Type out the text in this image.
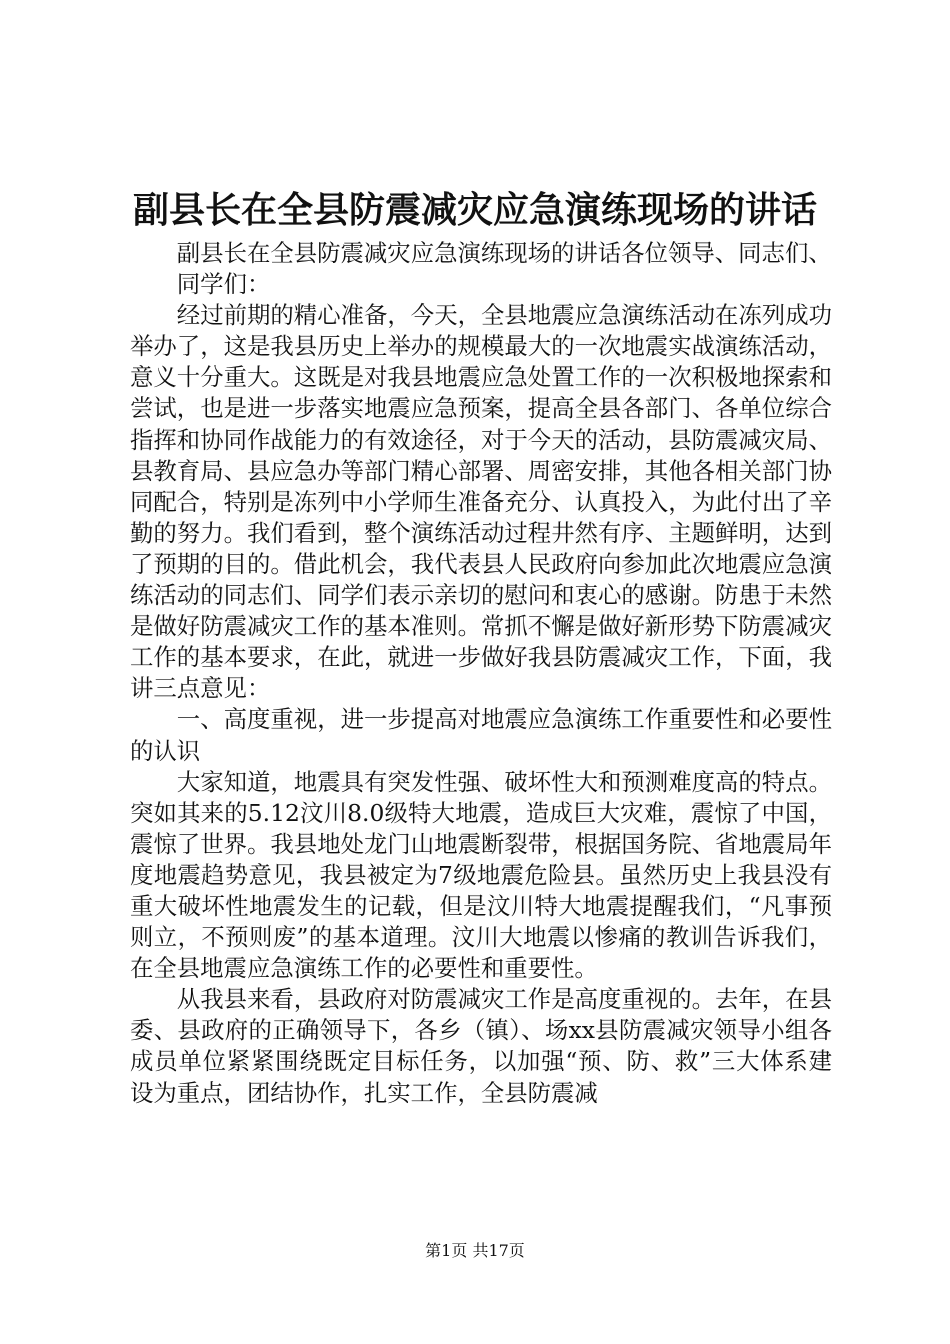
副县长在全县防震减灾应急演练现场的讲话

副县长在全县防震减灾应急演练现场的讲话各位领导、同志们、

同学们：

经过前期的精心准备，今天，全县地震应急演练活动在冻列成功举办了，这是我县历史上举办的规模最大的一次地震实战演练活动，意义十分重大。这既是对我县地震应急处置工作的一次积极地探索和尝试，也是进一步落实地震应急预案，提高全县各部门、各单位综合指挥和协同作战能力的有效途径，对于今天的活动，县防震减灾局、县教育局、县应急办等部门精心部署、周密安排，其他各相关部门协同配合，特别是冻列中小学师生准备充分、认真投入，为此付出了辛勤的努力。我们看到，整个演练活动过程井然有序、主题鲜明，达到了预期的目的。借此机会，我代表县人民政府向参加此次地震应急演练活动的同志们、同学们表示亲切的慰问和衷心的感谢。防患于未然是做好防震减灾工作的基本准则。常抓不懈是做好新形势下防震减灾工作的基本要求，在此，就进一步做好我县防震减灾工作，下面，我讲三点意见：

一、高度重视，进一步提高对地震应急演练工作重要性和必要性的认识

大家知道，地震具有突发性强、破坏性大和预测难度高的特点。突如其来的5.12汶川8.0级特大地震，造成巨大灾难，震惊了中国，震惊了世界。我县地处龙门山地震断裂带，根据国务院、省地震局年度地震趋势意见，我县被定为7级地震危险县。虽然历史上我县没有重大破坏性地震发生的记载，但是汶川特大地震提醒我们，“凡事预则立，不预则废”的基本道理。汶川大地震以惨痛的教训告诉我们，在全县地震应急演练工作的必要性和重要性。

从我县来看，县政府对防震减灾工作是高度重视的。去年，在县委、县政府的正确领导下，各乡（镇）、场xx县防震减灾领导小组各成员单位紧紧围绕既定目标任务，以加强“预、防、救”三大体系建设为重点，团结协作，扎实工作，全县防震减

第1页 共17页
